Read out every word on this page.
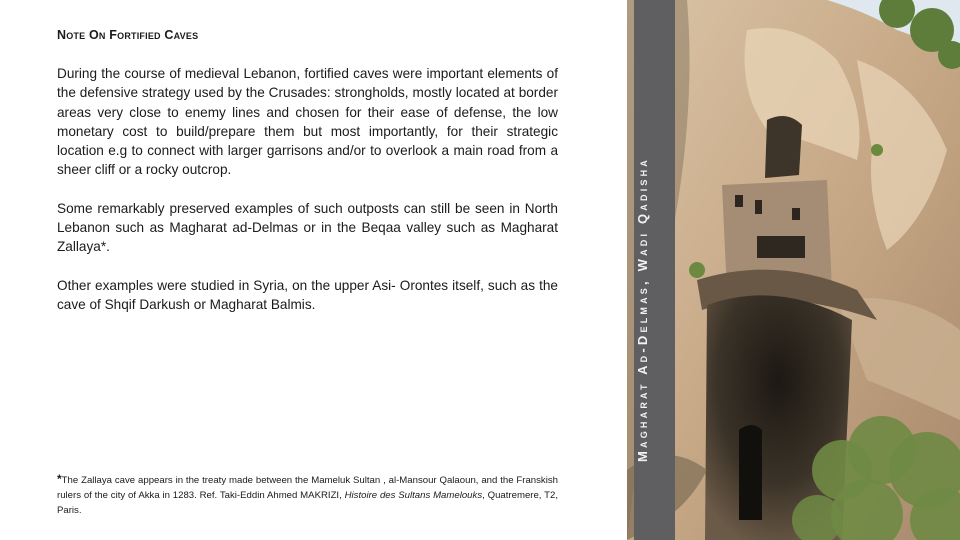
Note On Fortified Caves

During the course of medieval Lebanon, fortified caves were important elements of the defensive strategy used by the Crusades: strongholds, mostly located at border areas very close to enemy lines and chosen for their ease of defense, the low monetary cost to build/prepare them but most importantly, for their strategic location e.g to connect with larger garrisons and/or to overlook a main road from a sheer cliff or a rocky outcrop.

Some remarkably preserved examples of such outposts can still be seen in North Lebanon such as Magharat ad-Delmas or in the Beqaa valley such as Magharat Zallaya*.

Other examples were studied in Syria, on the upper Asi- Orontes itself, such as the cave of Shqif Darkush or Magharat Balmis.

*The Zallaya cave appears in the treaty made between the Mameluk Sultan , al-Mansour Qalaoun, and the Franskish rulers of the city of Akka in 1283. Ref. Taki-Eddin Ahmed MAKRIZI, Histoire des Sultans Mamelouks, Quatremere, T2, Paris.
Magharat Ad-Delmas, Wadi Qadisha
